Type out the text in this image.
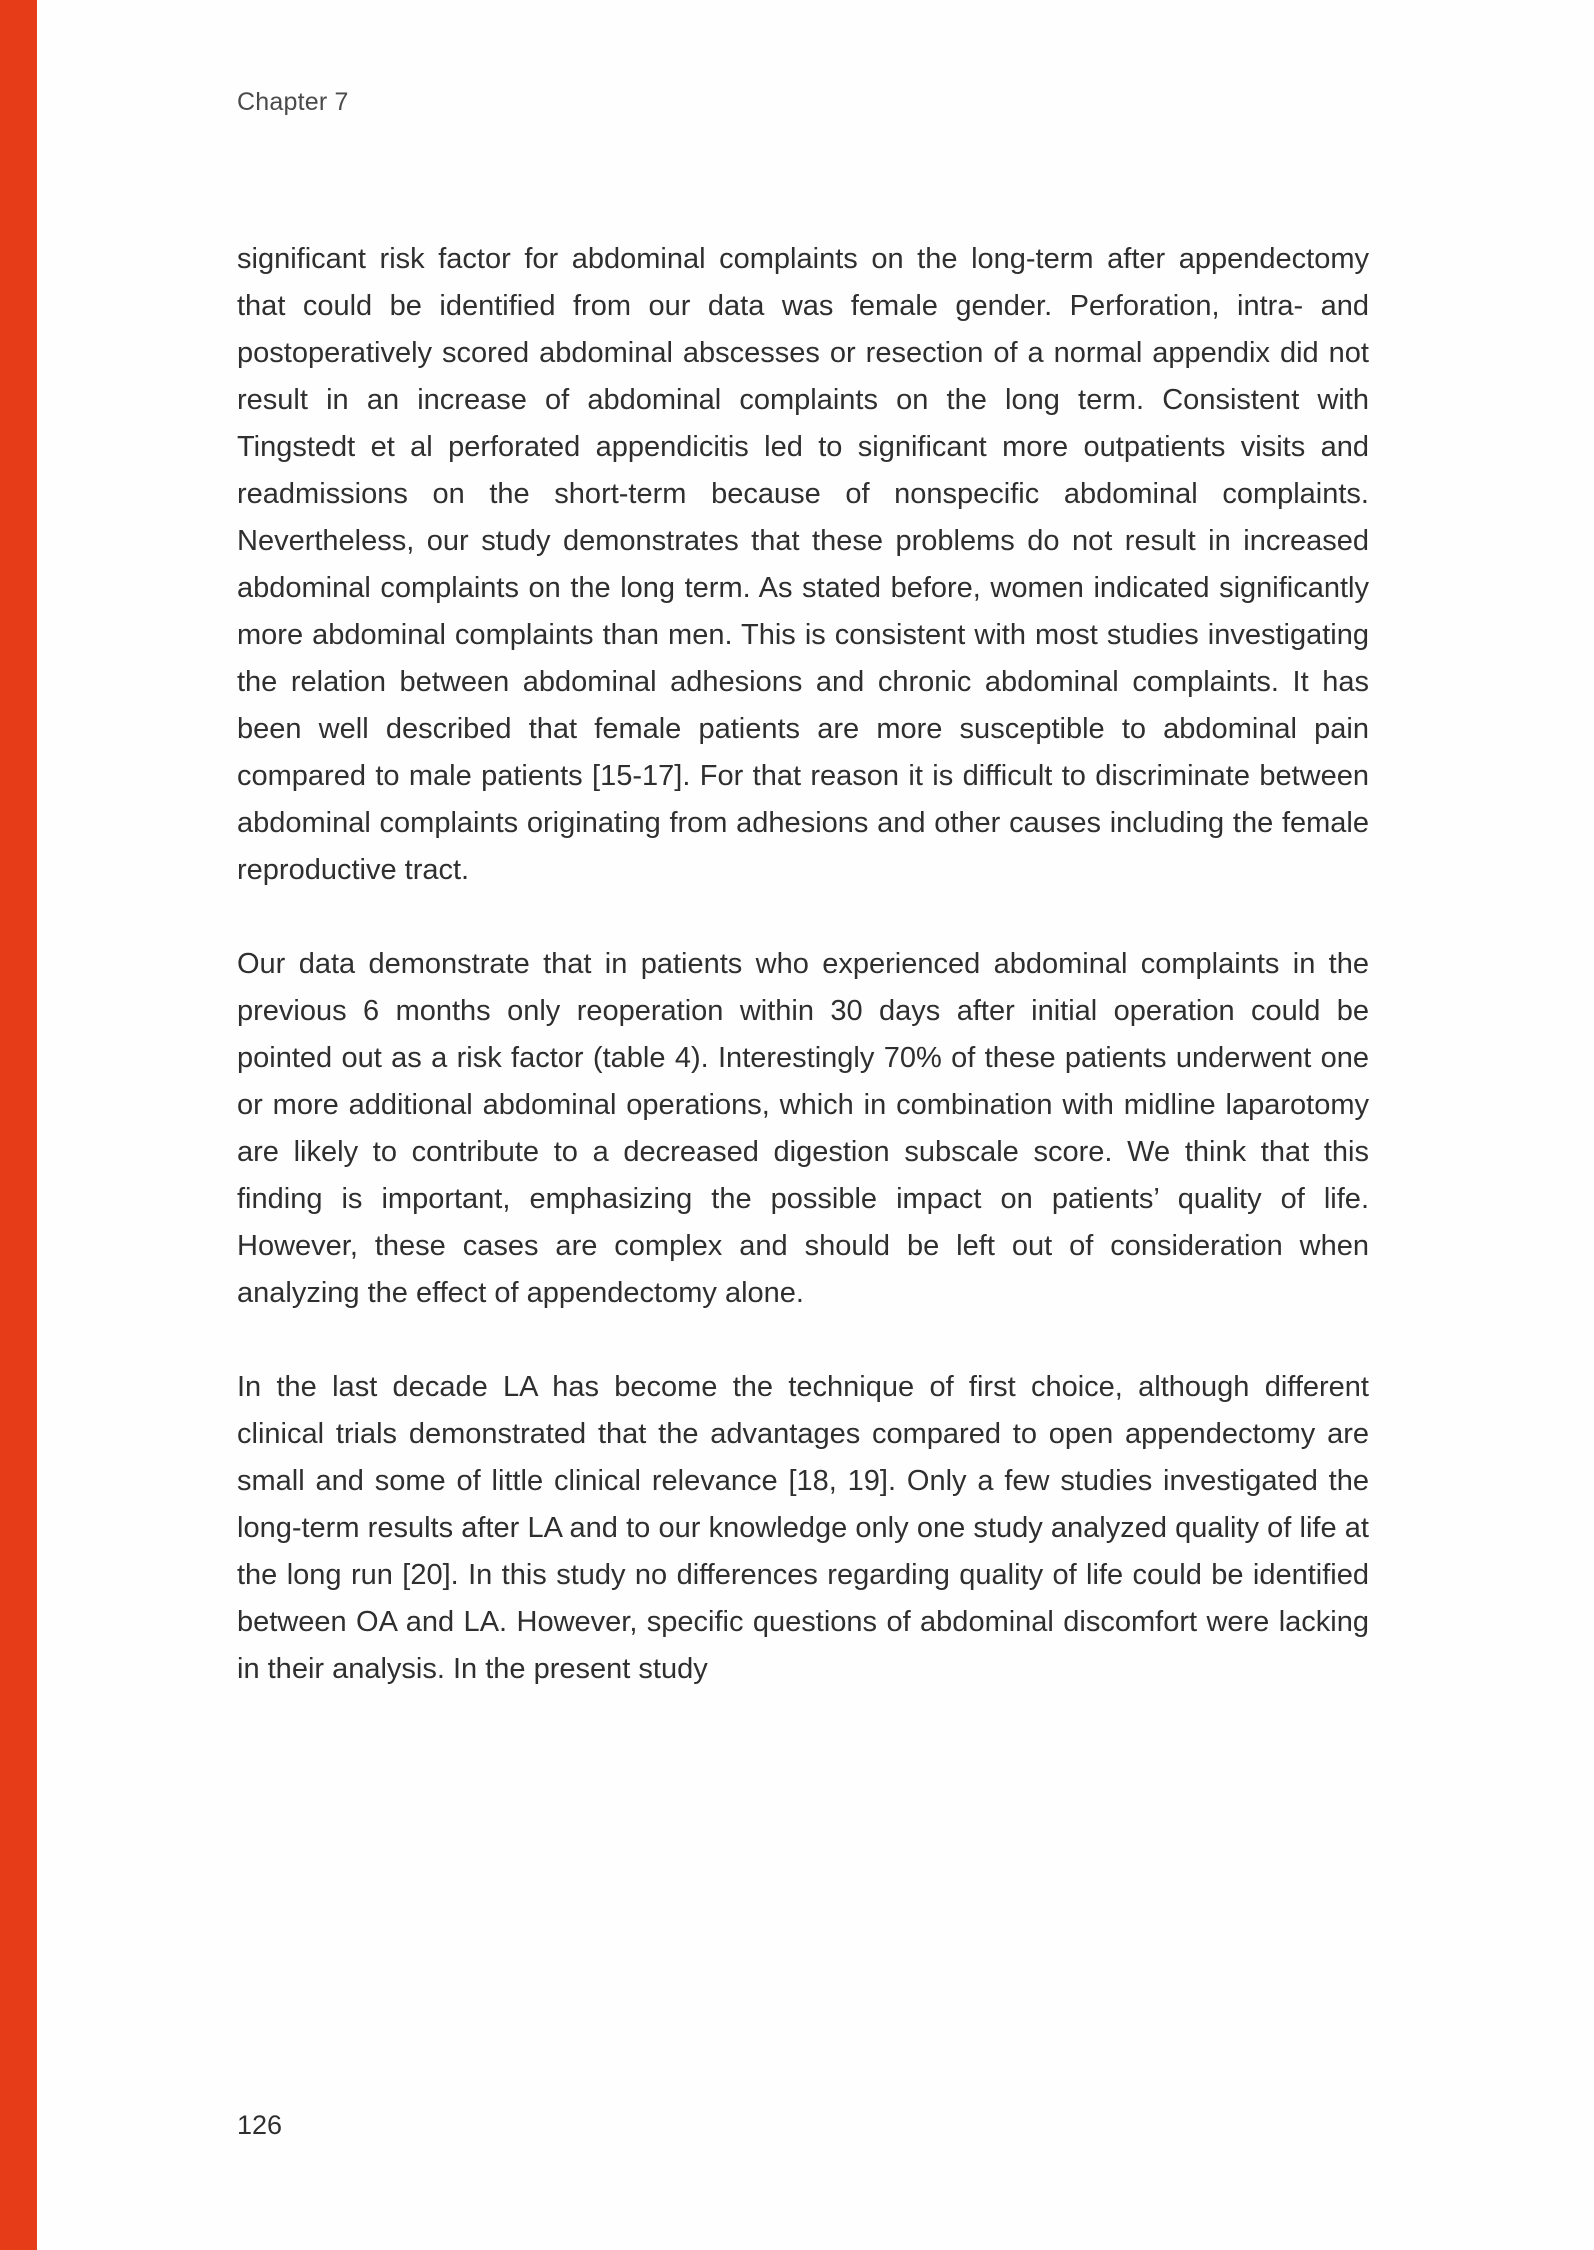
Chapter 7

significant risk factor for abdominal complaints on the long-term after appendectomy that could be identified from our data was female gender. Perforation, intra- and postoperatively scored abdominal abscesses or resection of a normal appendix did not result in an increase of abdominal complaints on the long term. Consistent with Tingstedt et al perforated appendicitis led to significant more outpatients visits and readmissions on the short-term because of nonspecific abdominal complaints. Nevertheless, our study demonstrates that these problems do not result in increased abdominal complaints on the long term. As stated before, women indicated significantly more abdominal complaints than men. This is consistent with most studies investigating the relation between abdominal adhesions and chronic abdominal complaints. It has been well described that female patients are more susceptible to abdominal pain compared to male patients [15-17]. For that reason it is difficult to discriminate between abdominal complaints originating from adhesions and other causes including the female reproductive tract.

Our data demonstrate that in patients who experienced abdominal complaints in the previous 6 months only reoperation within 30 days after initial operation could be pointed out as a risk factor (table 4). Interestingly 70% of these patients underwent one or more additional abdominal operations, which in combination with midline laparotomy are likely to contribute to a decreased digestion subscale score. We think that this finding is important, emphasizing the possible impact on patients’ quality of life. However, these cases are complex and should be left out of consideration when analyzing the effect of appendectomy alone.

In the last decade LA has become the technique of first choice, although different clinical trials demonstrated that the advantages compared to open appendectomy are small and some of little clinical relevance [18, 19]. Only a few studies investigated the long-term results after LA and to our knowledge only one study analyzed quality of life at the long run [20]. In this study no differences regarding quality of life could be identified between OA and LA. However, specific questions of abdominal discomfort were lacking in their analysis. In the present study

126
